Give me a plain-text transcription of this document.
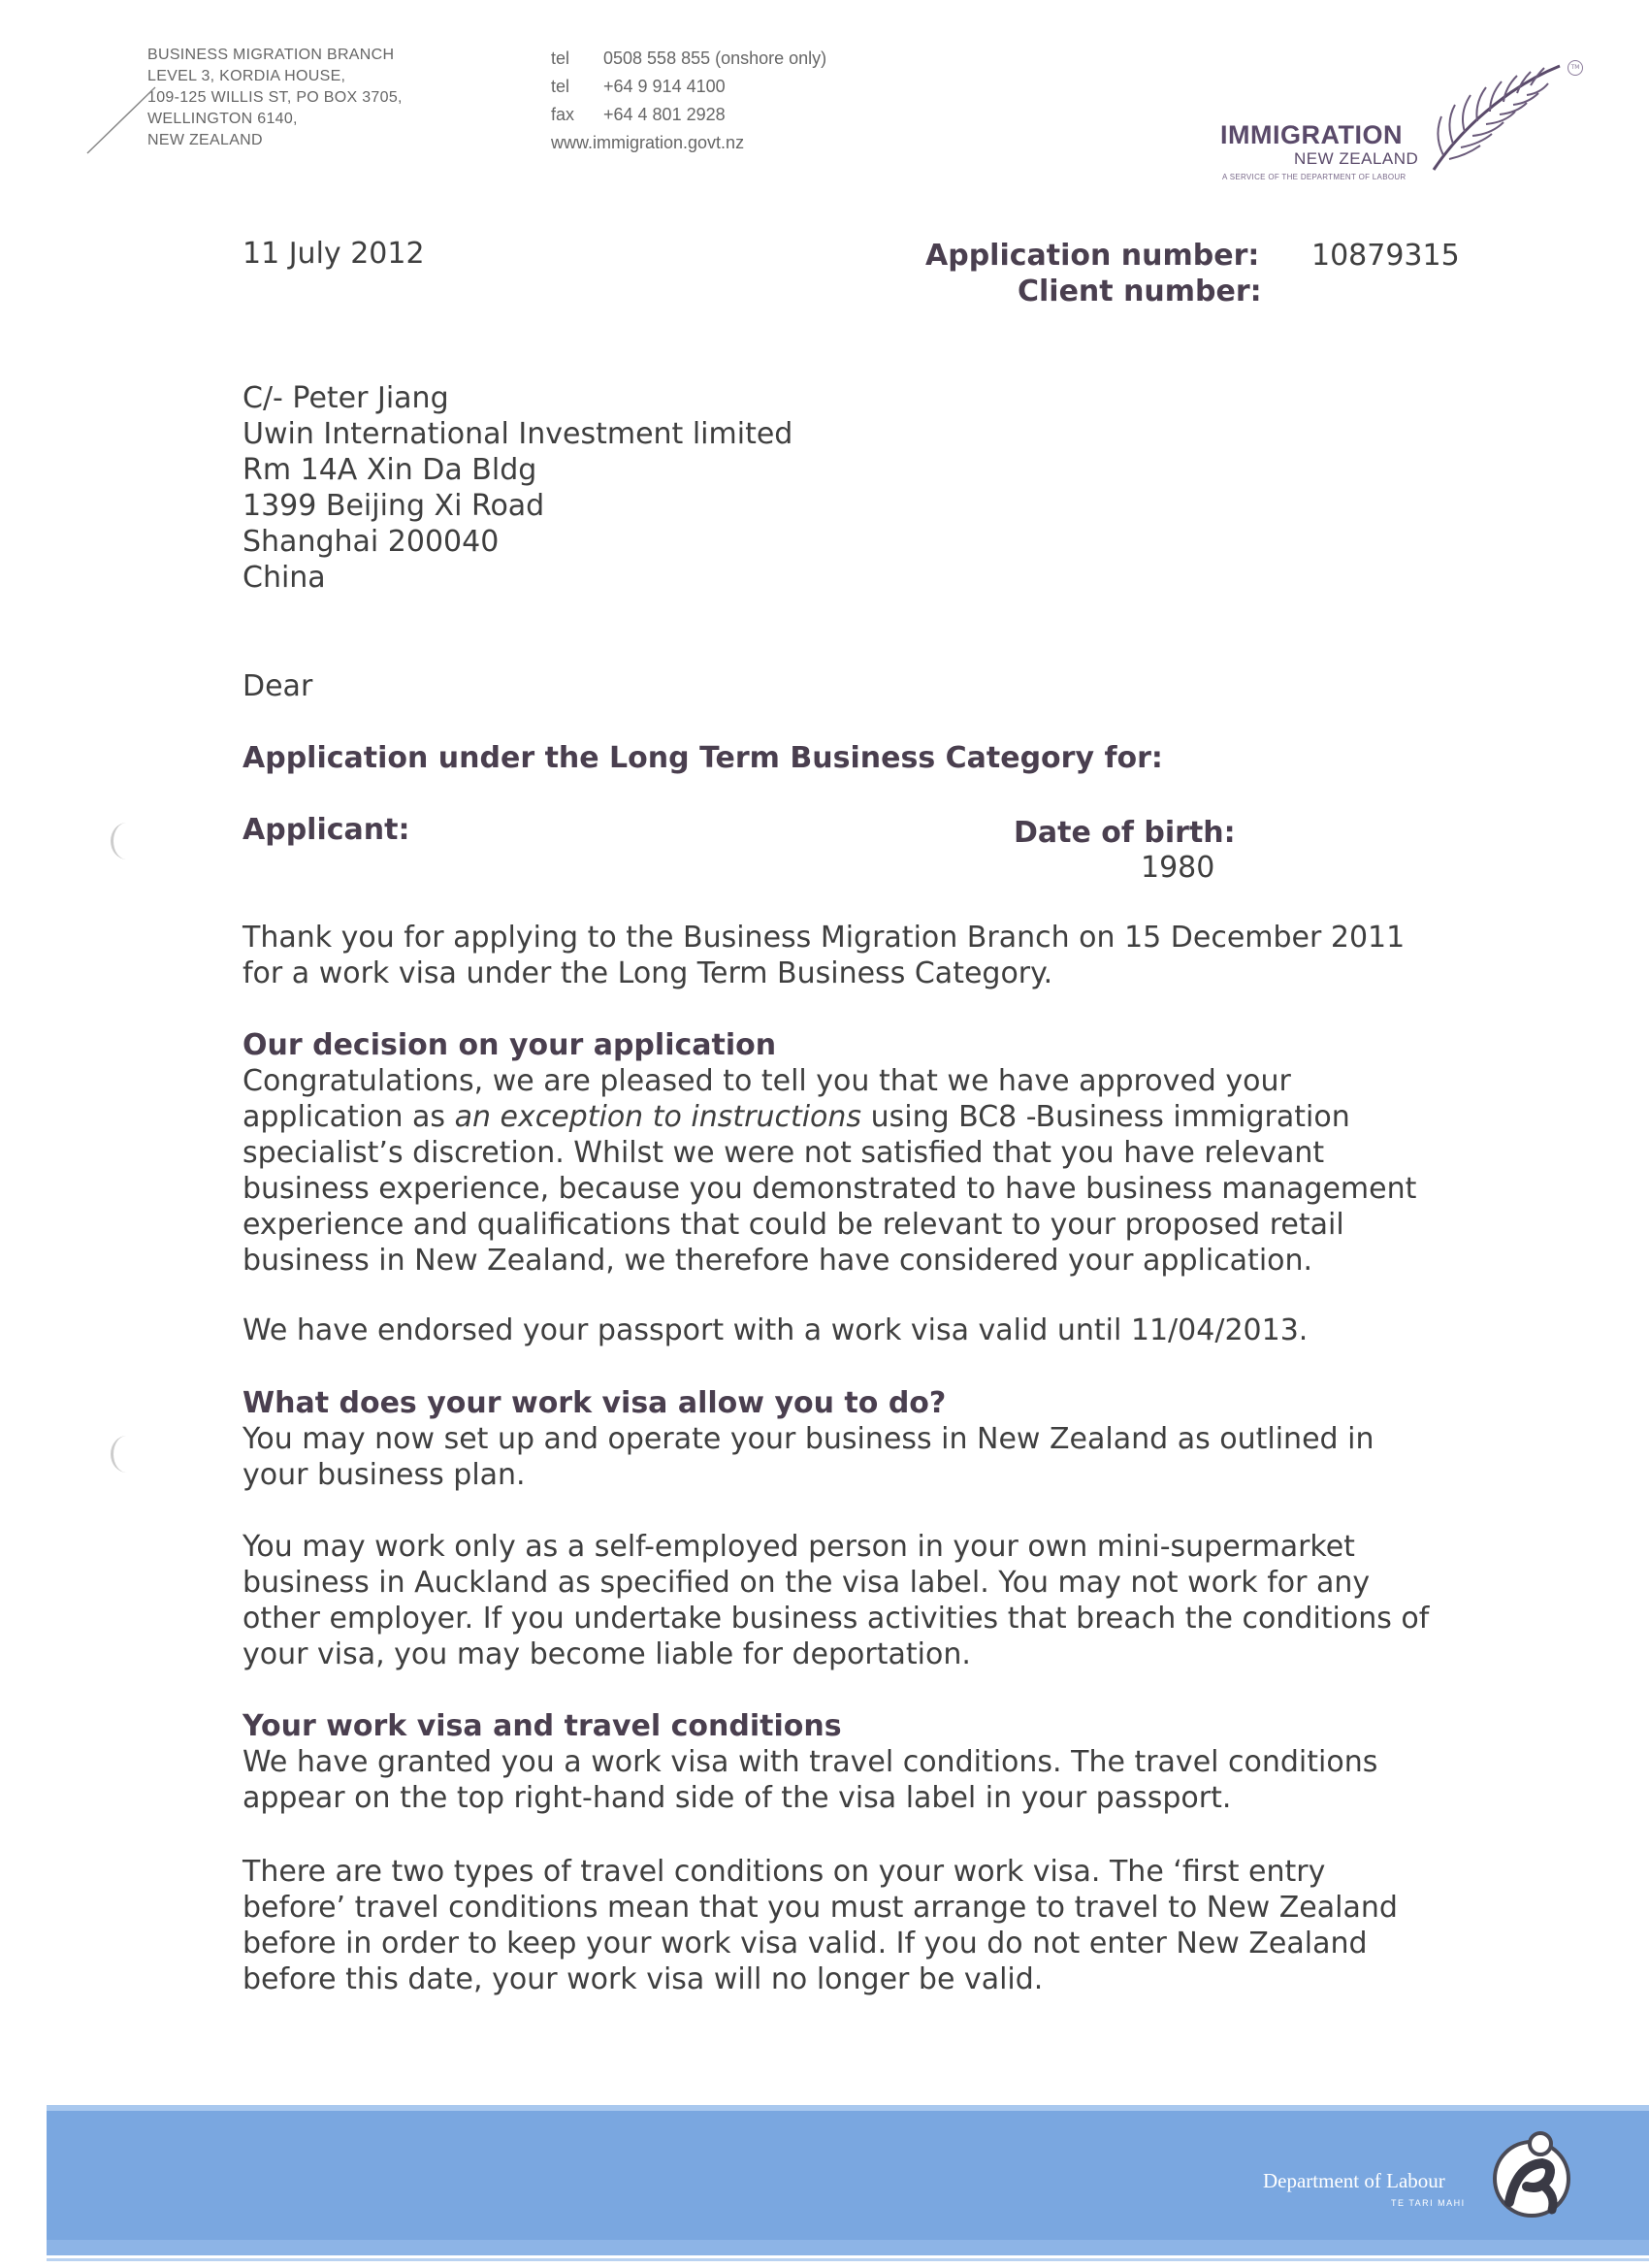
BUSINESS MIGRATION BRANCH
LEVEL 3, KORDIA HOUSE,
109-125 WILLIS ST, PO BOX 3705,
WELLINGTON 6140,
NEW ZEALAND
tel	0508 558 855 (onshore only)
tel	+64 9 914 4100
fax	+64 4 801 2928
www.immigration.govt.nz	IMMIGRATION
NEW ZEALAND
A SERVICE OF THE DEPARTMENT OF LABOUR
TM
11 July 2012	Application number: 10879315
Client number:
C/- Peter Jiang
Uwin International Investment limited
Rm 14A Xin Da Bldg
1399 Beijing Xi Road
Shanghai 200040
China
Dear
Application under the Long Term Business Category for:
Applicant:	Date of birth:
1980
Thank you for applying to the Business Migration Branch on 15 December 2011
for a work visa under the Long Term Business Category.
Our decision on your application
Congratulations, we are pleased to tell you that we have approved your
application as an exception to instructions using BC8 -Business immigration
specialist’s discretion. Whilst we were not satisfied that you have relevant
business experience, because you demonstrated to have business management
experience and qualifications that could be relevant to your proposed retail
business in New Zealand, we therefore have considered your application.
We have endorsed your passport with a work visa valid until 11/04/2013.
What does your work visa allow you to do?
You may now set up and operate your business in New Zealand as outlined in
your business plan.
You may work only as a self-employed person in your own mini-supermarket
business in Auckland as specified on the visa label. You may not work for any
other employer. If you undertake business activities that breach the conditions of
your visa, you may become liable for deportation.
Your work visa and travel conditions
We have granted you a work visa with travel conditions. The travel conditions
appear on the top right-hand side of the visa label in your passport.
There are two types of travel conditions on your work visa. The ‘first entry
before’ travel conditions mean that you must arrange to travel to New Zealand
before in order to keep your work visa valid. If you do not enter New Zealand
before this date, your work visa will no longer be valid.
Department of Labour
TE TARI MAHI
